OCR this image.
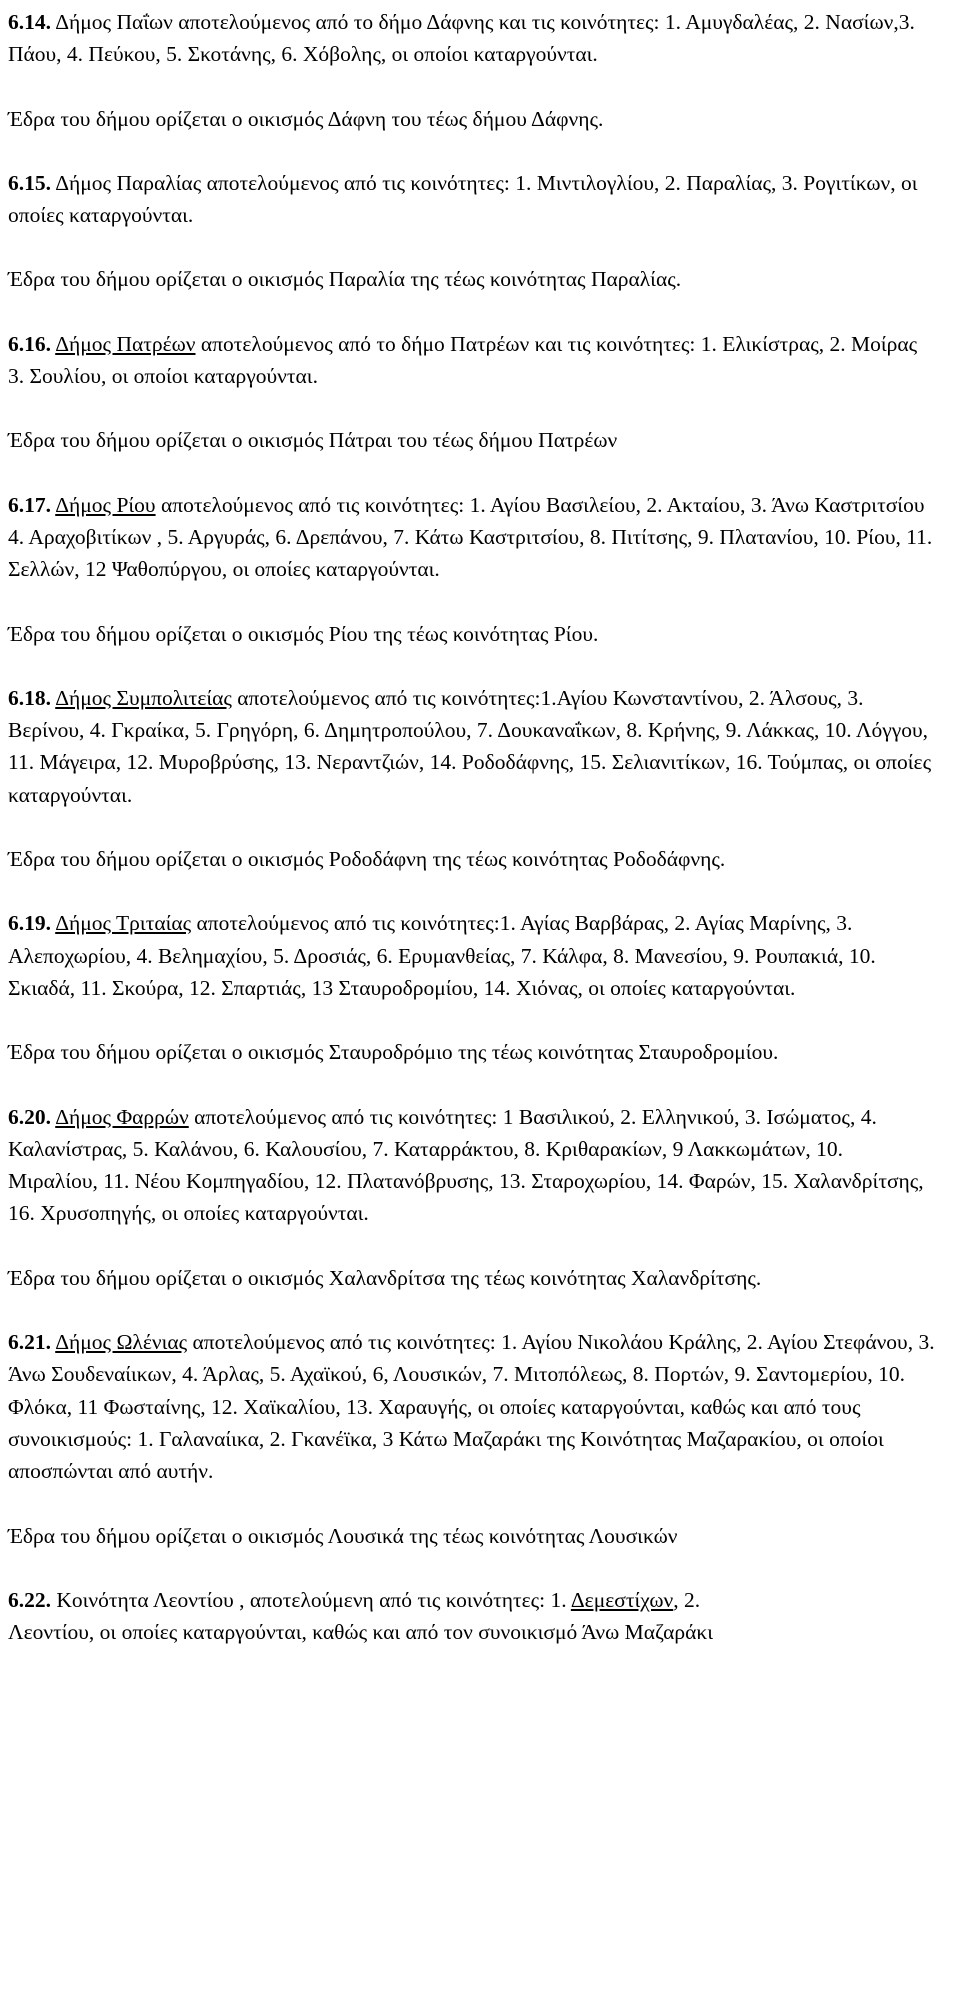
6.14. Δήμος Παΐων αποτελούμενος από το δήμο Δάφνης και τις κοινότητες: 1. Αμυγδαλέας, 2. Νασίων,3. Πάου, 4. Πεύκου, 5. Σκοτάνης, 6. Χόβολης, οι οποίοι καταργούνται.

Έδρα του δήμου ορίζεται ο οικισμός Δάφνη του τέως δήμου Δάφνης.

6.15. Δήμος Παραλίας αποτελούμενος από τις κοινότητες: 1. Μιντιλογλίου, 2. Παραλίας, 3. Ρογιτίκων, οι οποίες καταργούνται.

Έδρα του δήμου ορίζεται ο οικισμός Παραλία της τέως κοινότητας Παραλίας.

6.16. Δήμος Πατρέων αποτελούμενος από το δήμο Πατρέων και τις κοινότητες: 1. Ελικίστρας, 2. Μοίρας 3. Σουλίου, οι οποίοι καταργούνται.

Έδρα του δήμου ορίζεται ο οικισμός Πάτραι του τέως δήμου Πατρέων

6.17. Δήμος Ρίου αποτελούμενος από τις κοινότητες: 1. Αγίου Βασιλείου, 2. Ακταίου, 3. Άνω Καστριτσίου 4. Αραχοβιτίκων , 5. Αργυράς, 6. Δρεπάνου, 7. Κάτω Καστριτσίου, 8. Πιτίτσης, 9. Πλατανίου, 10. Ρίου, 11. Σελλών, 12 Ψαθοπύργου, οι οποίες καταργούνται.

Έδρα του δήμου ορίζεται ο οικισμός Ρίου της τέως κοινότητας Ρίου.

6.18. Δήμος Συμπολιτείας αποτελούμενος από τις κοινότητες:1.Αγίου Κωνσταντίνου, 2. Άλσους, 3. Βερίνου, 4. Γκραίκα, 5. Γρηγόρη, 6. Δημητροπούλου, 7. Δουκαναΐκων, 8. Κρήνης, 9. Λάκκας, 10. Λόγγου, 11. Μάγειρα, 12. Μυροβρύσης, 13. Νεραντζιών, 14. Ροδοδάφνης, 15. Σελιανιτίκων, 16. Τούμπας, οι οποίες καταργούνται.

Έδρα του δήμου ορίζεται ο οικισμός Ροδοδάφνη της τέως κοινότητας Ροδοδάφνης.

6.19. Δήμος Τριταίας αποτελούμενος από τις κοινότητες:1. Αγίας Βαρβάρας, 2. Αγίας Μαρίνης, 3. Αλεποχωρίου, 4. Βελημαχίου, 5. Δροσιάς, 6. Ερυμανθείας, 7. Κάλφα, 8. Μανεσίου, 9. Ρουπακιά, 10. Σκιαδά, 11. Σκούρα, 12. Σπαρτιάς, 13 Σταυροδρομίου, 14. Χιόνας, οι οποίες καταργούνται.

Έδρα του δήμου ορίζεται ο οικισμός Σταυροδρόμιο της τέως κοινότητας Σταυροδρομίου.

6.20. Δήμος Φαρρών αποτελούμενος από τις κοινότητες: 1 Βασιλικού, 2. Ελληνικού, 3. Ισώματος, 4. Καλανίστρας, 5. Καλάνου, 6. Καλουσίου, 7. Καταρράκτου, 8. Κριθαρακίων, 9 Λακκωμάτων, 10. Μιραλίου, 11. Νέου Κομπηγαδίου, 12. Πλατανόβρυσης, 13. Σταροχωρίου, 14. Φαρών, 15. Χαλανδρίτσης, 16. Χρυσοπηγής, οι οποίες καταργούνται.

Έδρα του δήμου ορίζεται ο οικισμός Χαλανδρίτσα της τέως κοινότητας Χαλανδρίτσης.

6.21. Δήμος Ωλένιας αποτελούμενος από τις κοινότητες: 1. Αγίου Νικολάου Κράλης, 2. Αγίου Στεφάνου, 3. Άνω Σουδεναίικων, 4. Άρλας, 5. Αχαϊκού, 6, Λουσικών, 7. Μιτοπόλεως, 8. Πορτών, 9. Σαντομερίου, 10. Φλόκα, 11 Φωσταίνης, 12. Χαϊκαλίου, 13. Χαραυγής, οι οποίες καταργούνται, καθώς και από τους συνοικισμούς: 1. Γαλαναίικα, 2. Γκανέϊκα, 3 Κάτω Μαζαράκι της Κοινότητας Μαζαρακίου, οι οποίοι αποσπώνται από αυτήν.

Έδρα του δήμου ορίζεται ο οικισμός Λουσικά της τέως κοινότητας Λουσικών

6.22. Κοινότητα Λεοντίου , αποτελούμενη από τις κοινότητες: 1. Δεμεστίχων, 2.

Λεοντίου, οι οποίες καταργούνται, καθώς και από τον συνοικισμό Άνω Μαζαράκι
